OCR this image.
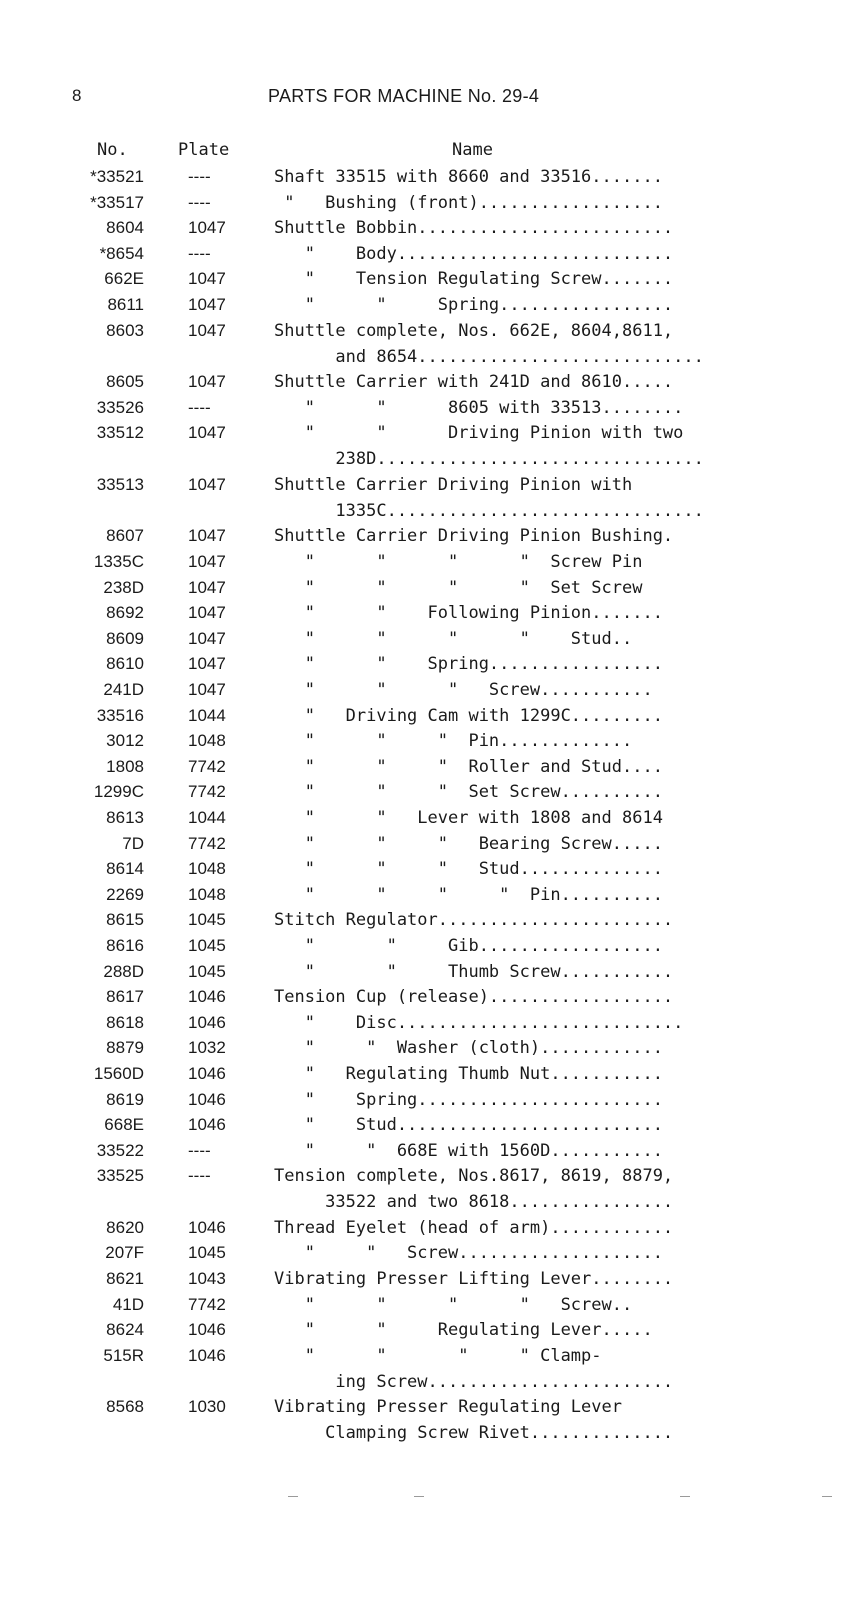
8	PARTS FOR MACHINE No. 29-4
No.	Plate	Name
*33521	----	Shaft 33515 with 8660 and 33516.......
*33517	----	"   Bushing (front)..................
8604	1047	Shuttle Bobbin.........................
*8654	----	"    Body...........................
662E	1047	"    Tension Regulating Screw.......
8611	1047	"      "     Spring.................
8603	1047	Shuttle complete, Nos. 662E, 8604,8611,
and 8654............................
8605	1047	Shuttle Carrier with 241D and 8610.....
33526	----	"      "      8605 with 33513........
33512	1047	"      "      Driving Pinion with two
238D................................
33513	1047	Shuttle Carrier Driving Pinion with
1335C...............................
8607	1047	Shuttle Carrier Driving Pinion Bushing.
1335C	1047	"      "      "      "  Screw Pin
238D	1047	"      "      "      "  Set Screw
8692	1047	"      "    Following Pinion.......
8609	1047	"      "      "      "    Stud..
8610	1047	"      "    Spring.................
241D	1047	"      "      "   Screw...........
33516	1044	"   Driving Cam with 1299C.........
3012	1048	"      "     "  Pin.............
1808	7742	"      "     "  Roller and Stud....
1299C	7742	"      "     "  Set Screw..........
8613	1044	"      "   Lever with 1808 and 8614
7D	7742	"      "     "   Bearing Screw.....
8614	1048	"      "     "   Stud..............
2269	1048	"      "     "     "  Pin..........
8615	1045	Stitch Regulator.......................
8616	1045	"       "     Gib..................
288D	1045	"       "     Thumb Screw...........
8617	1046	Tension Cup (release)..................
8618	1046	"    Disc............................
8879	1032	"     "  Washer (cloth)............
1560D	1046	"   Regulating Thumb Nut...........
8619	1046	"    Spring........................
668E	1046	"    Stud..........................
33522	----	"     "  668E with 1560D...........
33525	----	Tension complete, Nos.8617, 8619, 8879,
33522 and two 8618................
8620	1046	Thread Eyelet (head of arm)............
207F	1045	"     "   Screw....................
8621	1043	Vibrating Presser Lifting Lever........
41D	7742	"      "      "      "   Screw..
8624	1046	"      "     Regulating Lever.....
515R	1046	"      "       "     " Clamp-
ing Screw........................
8568	1030	Vibrating Presser Regulating Lever
Clamping Screw Rivet..............
